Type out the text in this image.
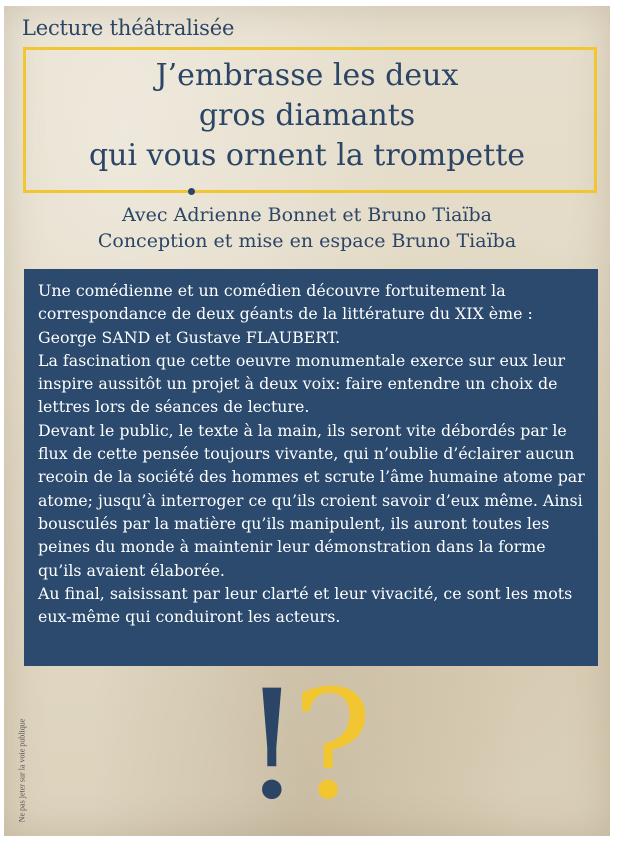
Lecture théâtralisée
J’embrasse les deux
gros diamants
qui vous ornent la trompette
Avec Adrienne Bonnet et Bruno Tiaïba
Conception et mise en espace Bruno Tiaïba

Une comédienne et un comédien découvre fortuitement la correspondance de deux géants de la littérature du XIX ème : George SAND et Gustave FLAUBERT.

La fascination que cette oeuvre monumentale exerce sur eux leur inspire aussitôt un projet à deux voix: faire entendre un choix de lettres lors de séances de lecture.

Devant le public, le texte à la main, ils seront vite débordés par le flux de cette pensée toujours vivante, qui n’oublie d’éclairer aucun recoin de la société des hommes et scrute l’âme humaine atome par atome; jusqu’à interroger ce qu’ils croient savoir d’eux même. Ainsi bousculés par la matière qu’ils manipulent, ils auront toutes les peines du monde à maintenir leur démonstration dans la forme qu’ils avaient élaborée.

Au final, saisissant par leur clarté et leur vivacité, ce sont les mots eux-même qui conduiront les acteurs.

Ne pas jeter sur la voie publique	!?
